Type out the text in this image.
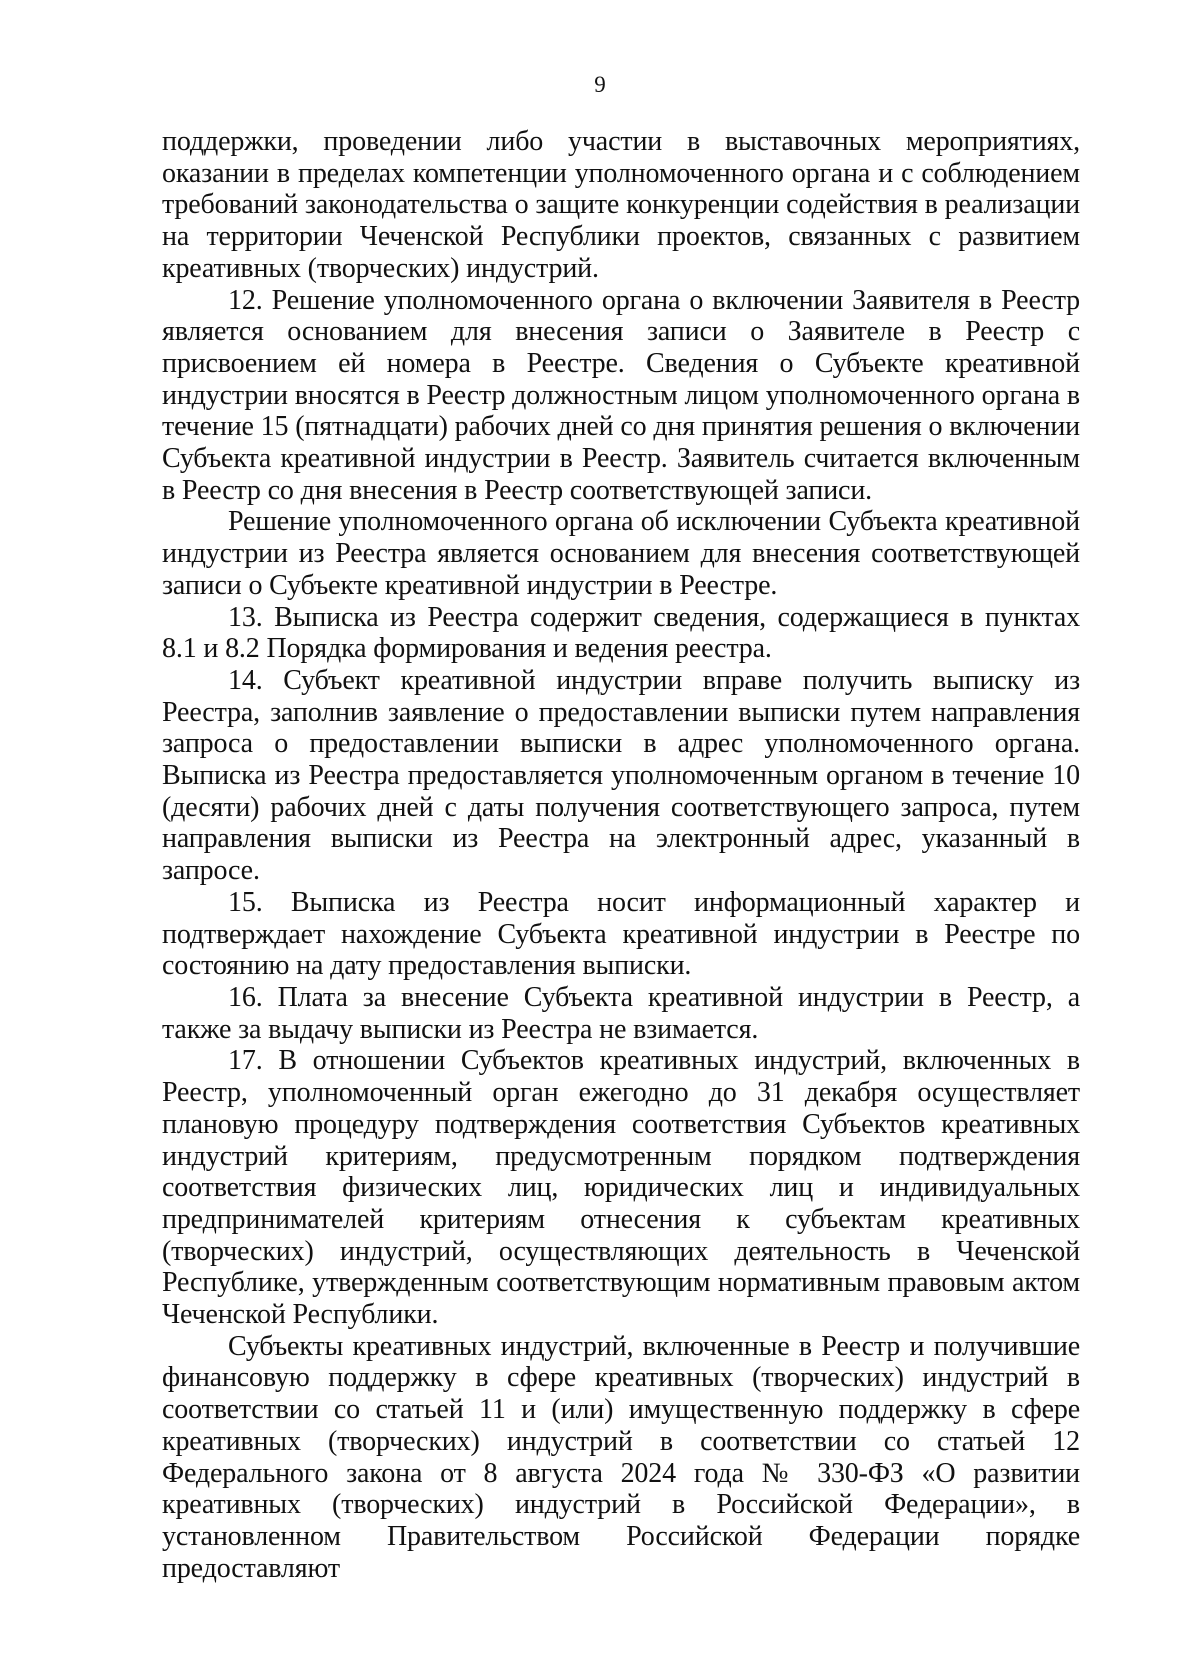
9

поддержки, проведении либо участии в выставочных мероприятиях, оказании в пределах компетенции уполномоченного органа и с соблюдением требований законодательства о защите конкуренции содействия в реализации на территории Чеченской Республики проектов, связанных с развитием креативных (творческих) индустрий.

12. Решение уполномоченного органа о включении Заявителя в Реестр является основанием для внесения записи о Заявителе в Реестр с присвоением ей номера в Реестре. Сведения о Субъекте креативной индустрии вносятся в Реестр должностным лицом уполномоченного органа в течение 15 (пятнадцати) рабочих дней со дня принятия решения о включении Субъекта креативной индустрии в Реестр. Заявитель считается включенным в Реестр со дня внесения в Реестр соответствующей записи.

Решение уполномоченного органа об исключении Субъекта креативной индустрии из Реестра является основанием для внесения соответствующей записи о Субъекте креативной индустрии в Реестре.

13. Выписка из Реестра содержит сведения, содержащиеся в пунктах 8.1 и 8.2 Порядка формирования и ведения реестра.

14. Субъект креативной индустрии вправе получить выписку из Реестра, заполнив заявление о предоставлении выписки путем направления запроса о предоставлении выписки в адрес уполномоченного органа. Выписка из Реестра предоставляется уполномоченным органом в течение 10 (десяти) рабочих дней с даты получения соответствующего запроса, путем направления выписки из Реестра на электронный адрес, указанный в запросе.

15. Выписка из Реестра носит информационный характер и подтверждает нахождение Субъекта креативной индустрии в Реестре по состоянию на дату предоставления выписки.

16. Плата за внесение Субъекта креативной индустрии в Реестр, а также за выдачу выписки из Реестра не взимается.

17. В отношении Субъектов креативных индустрий, включенных в Реестр, уполномоченный орган ежегодно до 31 декабря осуществляет плановую процедуру подтверждения соответствия Субъектов креативных индустрий критериям, предусмотренным порядком подтверждения соответствия физических лиц, юридических лиц и индивидуальных предпринимателей критериям отнесения к субъектам креативных (творческих) индустрий, осуществляющих деятельность в Чеченской Республике, утвержденным соответствующим нормативным правовым актом Чеченской Республики.

Субъекты креативных индустрий, включенные в Реестр и получившие финансовую поддержку в сфере креативных (творческих) индустрий в соответствии со статьей 11 и (или) имущественную поддержку в сфере креативных (творческих) индустрий в соответствии со статьей 12 Федерального закона от 8 августа 2024 года № 330-ФЗ «О развитии креативных (творческих) индустрий в Российской Федерации», в установленном Правительством Российской Федерации порядке предоставляют
